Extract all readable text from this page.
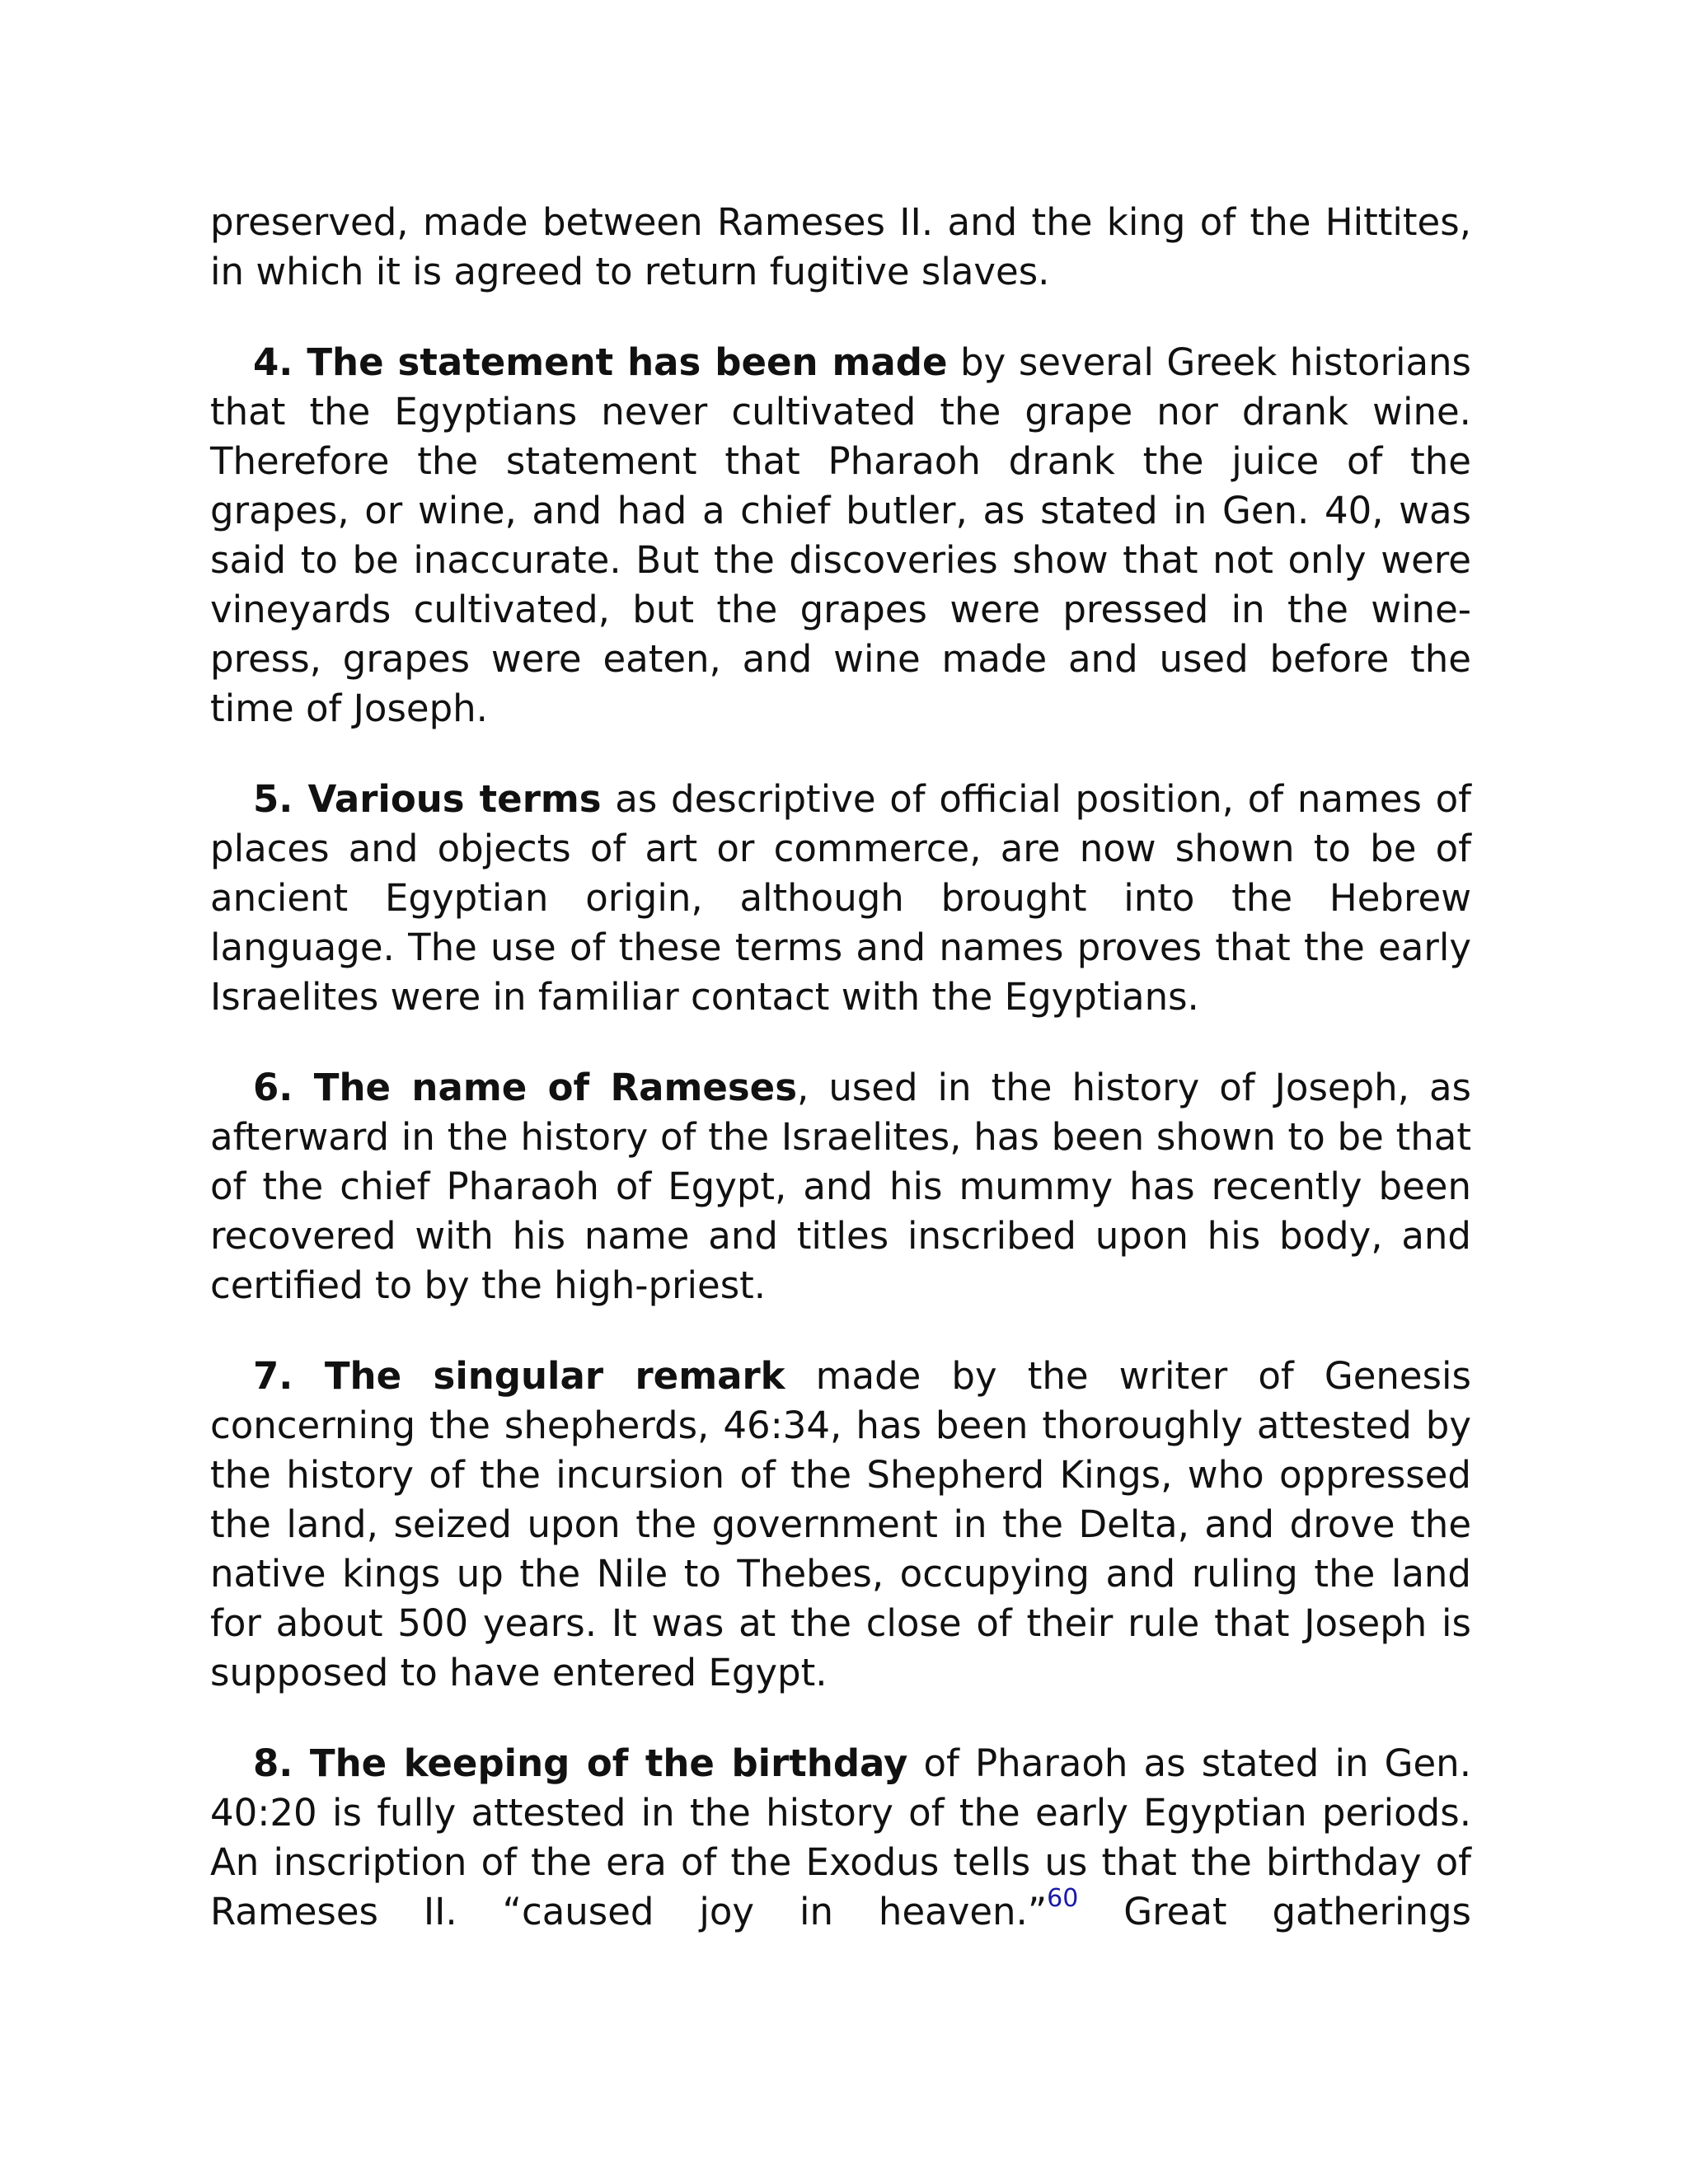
preserved, made between Rameses II. and the king of the Hittites, in which it is agreed to return fugitive slaves.

4. The statement has been made by several Greek historians that the Egyptians never cultivated the grape nor drank wine. Therefore the statement that Pharaoh drank the juice of the grapes, or wine, and had a chief butler, as stated in Gen. 40, was said to be inaccurate. But the discoveries show that not only were vineyards cultivated, but the grapes were pressed in the wine-press, grapes were eaten, and wine made and used before the time of Joseph.

5. Various terms as descriptive of official position, of names of places and objects of art or commerce, are now shown to be of ancient Egyptian origin, although brought into the Hebrew language. The use of these terms and names proves that the early Israelites were in familiar contact with the Egyptians.

6. The name of Rameses, used in the history of Joseph, as afterward in the history of the Israelites, has been shown to be that of the chief Pharaoh of Egypt, and his mummy has recently been recovered with his name and titles inscribed upon his body, and certified to by the high-priest.

7. The singular remark made by the writer of Genesis concerning the shepherds, 46:34, has been thoroughly attested by the history of the incursion of the Shepherd Kings, who oppressed the land, seized upon the government in the Delta, and drove the native kings up the Nile to Thebes, occupying and ruling the land for about 500 years. It was at the close of their rule that Joseph is supposed to have entered Egypt.

8. The keeping of the birthday of Pharaoh as stated in Gen. 40:20 is fully attested in the history of the early Egyptian periods. An inscription of the era of the Exodus tells us that the birthday of Rameses II. “caused joy in heaven.”$^{60}$ Great gatherings
